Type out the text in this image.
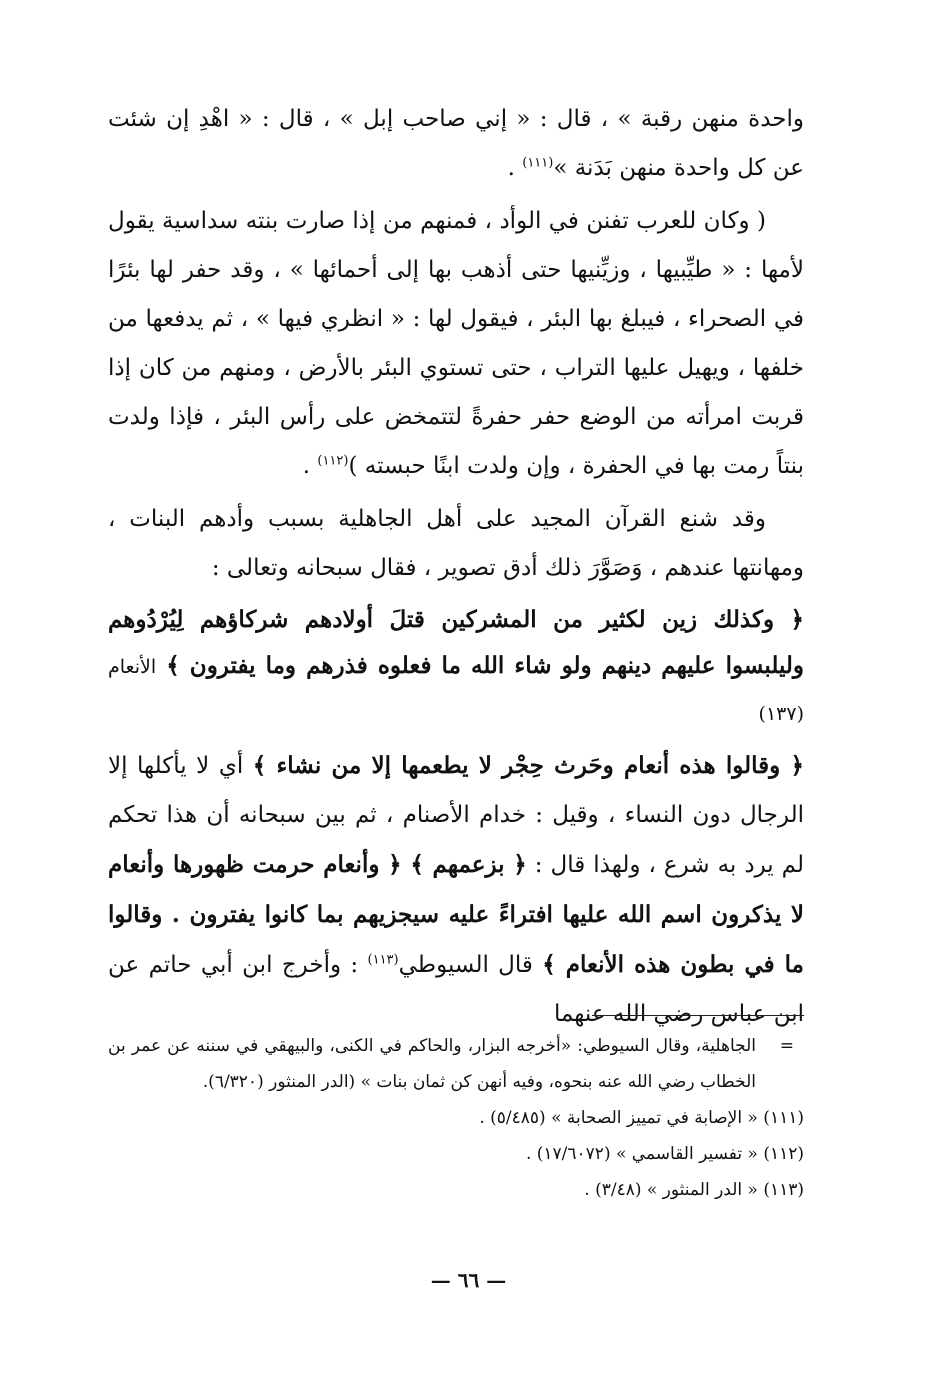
واحدة منهن رقبة » ، قال : « إني صاحب إبل » ، قال : « اهْدِ إن شئت عن كل واحدة منهن بَدَنة »$^{(١١١)}$ .

( وكان للعرب تفنن في الوأد ، فمنهم من إذا صارت بنته سداسية يقول لأمها : « طيِّبيها ، وزيِّنيها حتى أذهب بها إلى أحمائها » ، وقد حفر لها بئرًا في الصحراء ، فيبلغ بها البئر ، فيقول لها : « انظري فيها » ، ثم يدفعها من خلفها ، ويهيل عليها التراب ، حتى تستوي البئر بالأرض ، ومنهم من كان إذا قربت امرأته من الوضع حفر حفرةً لتتمخض على رأس البئر ، فإذا ولدت بنتاً رمت بها في الحفرة ، وإن ولدت ابنًا حبسته )$^{(١١٢)}$ .

وقد شنع القرآن المجيد على أهل الجاهلية بسبب وأدهم البنات ، ومهانتها عندهم ، وَصَوَّرَ ذلك أدق تصوير ، فقال سبحانه وتعالى :

﴿ وكذلك زين لكثير من المشركين قتلَ أولادهم شركاؤهم لِيُرْدُوهم وليلبسوا عليهم دينهم ولو شاء الله ما فعلوه فذرهم وما يفترون ﴾ الأنعام (١٣٧)

﴿ وقالوا هذه أنعام وحَرث حِجْر لا يطعمها إلا من نشاء ﴾ أي لا يأكلها إلا الرجال دون النساء ، وقيل : خدام الأصنام ، ثم بين سبحانه أن هذا تحكم لم يرد به شرع ، ولهذا قال : ﴿ بزعمهم ﴾ ﴿ وأنعام حرمت ظهورها وأنعام لا يذكرون اسم الله عليها افتراءً عليه سيجزيهم بما كانوا يفترون . وقالوا ما في بطون هذه الأنعام ﴾ قال السيوطي$^{(١١٣)}$ : وأخرج ابن أبي حاتم عن ابن عباس رضي الله عنهما

=
الجاهلية، وقال السيوطي: «أخرجه البزار، والحاكم في الكنى، والبيهقي في سننه عن عمر بن الخطاب رضي الله عنه بنحوه، وفيه أنهن كن ثمان بنات » (الدر المنثور (٦/٣٢٠).
(١١١) « الإصابة في تمييز الصحابة » (٥/٤٨٥) .
(١١٢) « تفسير القاسمي » (١٧/٦٠٧٢) .
(١١٣) « الدر المنثور » (٣/٤٨) .
— ٦٦ —
